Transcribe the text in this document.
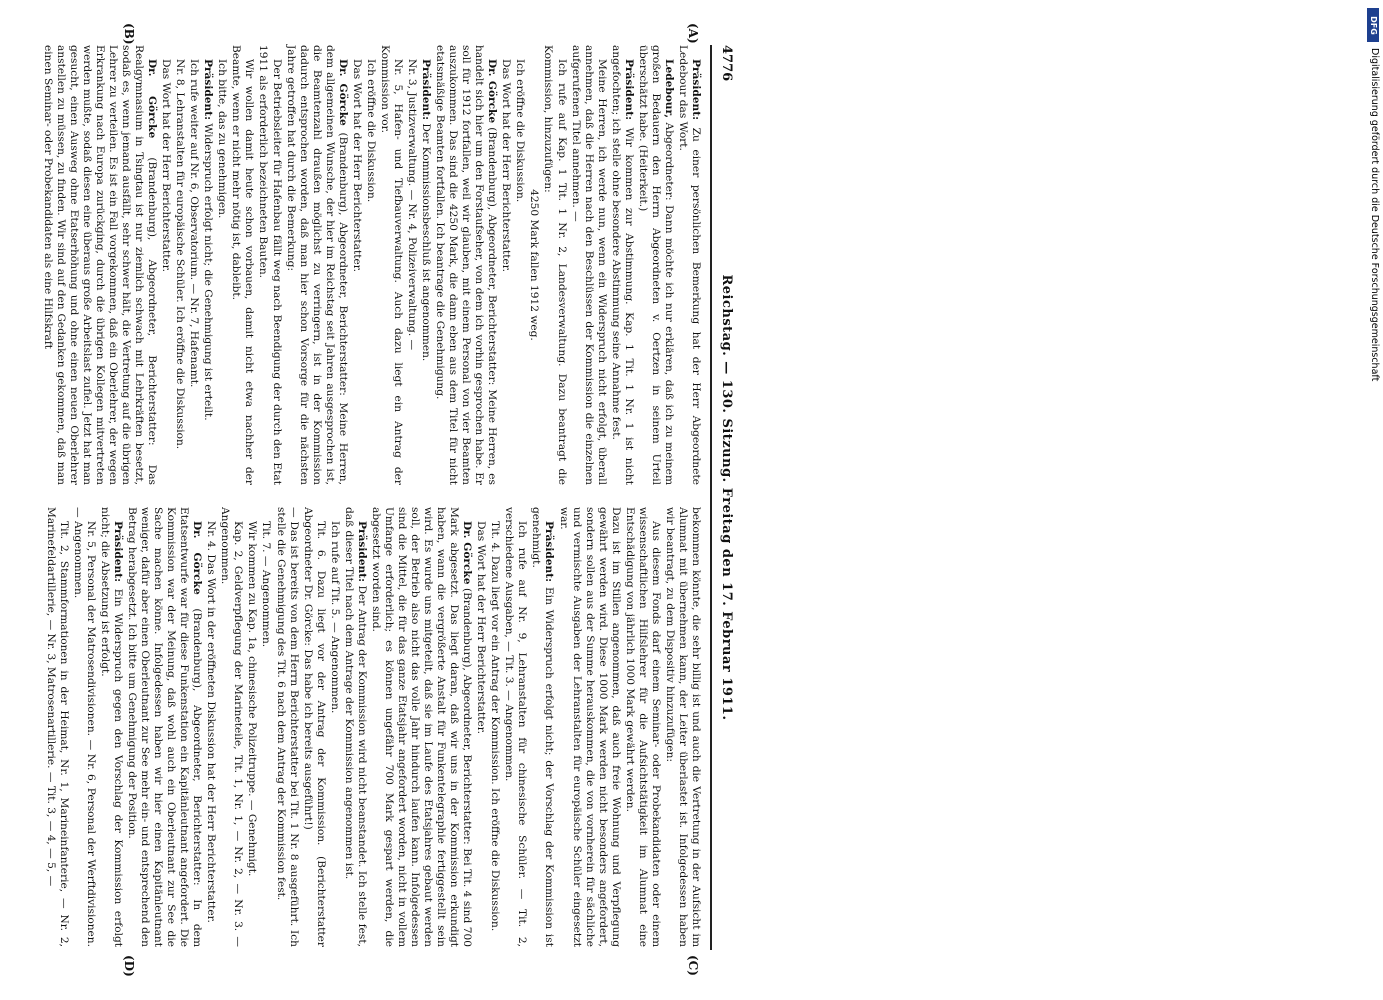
4776
Reichstag. — 130. Sitzung. Freitag den 17. Februar 1911.
(A)
(B)
(C)
(D)

Präsident: Zu einer persönlichen Bemerkung hat der Herr Abgeordnete Ledebour das Wort.

Ledebour, Abgeordneter: Dann möchte ich nur erklären, daß ich zu meinem großen Bedauern den Herrn Abgeordneten v. Oertzen in seinem Urteil überschätzt habe. (Heiterkeit.)

Präsident: Wir kommen zur Abstimmung. Kap. 1 Tit. 1 Nr. 1 ist nicht angefochten; ich stelle ohne besondere Abstimmung seine Annahme fest.

Meine Herren, ich werde nun, wenn ein Widerspruch nicht erfolgt, überall annehmen, daß die Herren nach den Beschlüssen der Kommission die einzelnen aufgerufenen Titel annehmen. —

Ich rufe auf Kap. 1 Tit. 1 Nr. 2, Landesverwaltung. Dazu beantragt die Kommission, hinzuzufügen:

4250 Mark fallen 1912 weg.

Ich eröffne die Diskussion.

Das Wort hat der Herr Berichterstatter.

Dr. Görcke (Brandenburg), Abgeordneter, Berichterstatter: Meine Herren, es handelt sich hier um den Forstaufseher, von dem ich vorhin gesprochen habe. Er soll für 1912 fortfallen, weil wir glauben, mit einem Personal von vier Beamten auszukommen. Das sind die 4250 Mark, die dann eben aus dem Titel für nicht etatsmäßige Beamten fortfallen. Ich beantrage die Genehmigung.

Präsident: Der Kommissionsbeschluß ist angenommen.

Nr. 3, Justizverwaltung. — Nr. 4, Polizeiverwaltung. —

Nr. 5, Hafen- und Tiefbauverwaltung. Auch dazu liegt ein Antrag der Kommission vor.

Ich eröffne die Diskussion.

Das Wort hat der Herr Berichterstatter.

Dr. Görcke (Brandenburg), Abgeordneter, Berichterstatter: Meine Herren, dem allgemeinen Wunsche, der hier im Reichstag seit Jahren ausgesprochen ist, die Beamtenzahl draußen möglichst zu verringern, ist in der Kommission dadurch entsprochen worden, daß man hier schon Vorsorge für die nächsten Jahre getroffen hat durch die Bemerkung:

Der Betriebsleiter für Hafenbau fällt weg nach Beendigung der durch den Etat 1911 als erforderlich bezeichneten Bauten.

Wir wollen damit heute schon vorbauen, damit nicht etwa nachher der Beamte, wenn er nicht mehr nötig ist, dableibt.

Ich bitte, das zu genehmigen.

Präsident: Widerspruch erfolgt nicht; die Genehmigung ist erteilt.

Ich rufe weiter auf Nr. 6, Observatorium. — Nr. 7, Hafenamt.

Nr. 8, Lehranstalten für europäische Schüler. Ich eröffne die Diskussion.

Das Wort hat der Herr Berichterstatter.

Dr. Görcke (Brandenburg), Abgeordneter, Berichterstatter: Das Realgymnasium in Tsingtau ist nur ziemlich schwach mit Lehrkräften besetzt, sodaß es, wenn jemand ausfällt, sehr schwer hält, die Vertretung auf die übrigen Lehrer zu verteilen. Es ist ein Fall vorgekommen, daß ein Oberlehrer, der wegen Erkrankung nach Europa zurückging, durch die übrigen Kollegen mitvertreten werden mußte, sodaß diesen eine überaus große Arbeitslast zufiel. Jetzt hat man gesucht, einen Ausweg ohne Etatserhöhung und ohne einen neuen Oberlehrer anstellen zu müssen, zu finden. Wir sind auf den Gedanken gekommen, daß man einen Seminar- oder Probekandidaten als eine Hilfskraft

bekommen könnte, die sehr billig ist und auch die Vertretung in der Aufsicht im Alumnat mit übernehmen kann, der Leiter überlastet ist. Infolgedessen haben wir beantragt, zu dem Dispositiv hinzuzufügen:

Aus diesem Fonds darf einem Seminar- oder Probekandidaten oder einem wissenschaftlichen Hilfslehrer für die Aufsichtstätigkeit im Alumnat eine Entschädigung von jährlich 1000 Mark gewährt werden.

Dazu ist im Stillen angenommen, daß auch freie Wohnung und Verpflegung gewährt werden wird. Diese 1000 Mark werden nicht besonders angefordert, sondern sollen aus der Summe herauskommen, die von vornherein für sächliche und vermischte Ausgaben der Lehranstalten für europäische Schüler eingesetzt war.

Präsident: Ein Widerspruch erfolgt nicht; der Vorschlag der Kommission ist genehmigt.

Ich rufe auf Nr. 9, Lehranstalten für chinesische Schüler. — Tit. 2, verschiedene Ausgaben, — Tit. 3. — Angenommen.

Tit. 4. Dazu liegt vor ein Antrag der Kommission. Ich eröffne die Diskussion.

Das Wort hat der Herr Berichterstatter.

Dr. Görcke (Brandenburg), Abgeordneter, Berichterstatter: Bei Tit. 4 sind 700 Mark abgesetzt. Das liegt daran, daß wir uns in der Kommission erkundigt haben, wann die vergrößerte Anstalt für Funkentelegraphie fertiggestellt sein wird. Es wurde uns mitgeteilt, daß sie im Laufe des Etatsjahres gebaut werden soll, der Betrieb also nicht das volle Jahr hindurch laufen kann. Infolgedessen sind die Mittel, die für das ganze Etatsjahr angefordert worden, nicht in vollem Umfange erforderlich; es können ungefähr 700 Mark gespart werden, die abgesetzt worden sind.

Präsident: Der Antrag der Kommission wird nicht beanstandet. Ich stelle fest, daß dieser Titel nach dem Antrage der Kommission angenommen ist.

Ich rufe auf Tit. 5. — Angenommen.

Tit. 6. Dazu liegt vor der Antrag der Kommission. (Berichterstatter Abgeordneter Dr. Görcke: Das habe ich bereits ausgeführt!)

— Das ist bereits von dem Herrn Berichterstatter bei Tit. 1 Nr. 8 ausgeführt. Ich stelle die Genehmigung des Tit. 6 nach dem Antrag der Kommission fest.

Tit. 7. — Angenommen.

Wir kommen zu Kap. 1a, chinesische Polizeitruppe. — Genehmigt.

Kap. 2, Geldverpflegung der Marineteile, Tit. 1, Nr. 1, — Nr. 2, — Nr. 3. — Angenommen.

Nr. 4. Das Wort in der eröffneten Diskussion hat der Herr Berichterstatter.

Dr. Görcke (Brandenburg), Abgeordneter, Berichterstatter: In dem Etatsentwurfe war für diese Funkenstation ein Kapitänleutnant angefordert. Die Kommission war der Meinung, daß wohl auch ein Oberleutnant zur See die Sache machen könne. Infolgedessen haben wir hier einen Kapitänleutnant weniger, dafür aber einen Oberleutnant zur See mehr ein- und entsprechend den Betrag herabgesetzt. Ich bitte um Genehmigung der Position.

Präsident: Ein Widerspruch gegen den Vorschlag der Kommission erfolgt nicht; die Absetzung ist erfolgt.

Nr. 5, Personal der Matrosendivisionen. — Nr. 6, Personal der Werftdivisionen. — Angenommen.

Tit. 2, Stammformationen in der Heimat, Nr. 1, Marineinfanterie, — Nr. 2, Marinefeldartillerie, — Nr. 3, Matrosenartillerie. — Tit. 3, — 4, — 5, —

DFG
Digitalisierung gefördert durch die Deutsche Forschungsgemeinschaft
